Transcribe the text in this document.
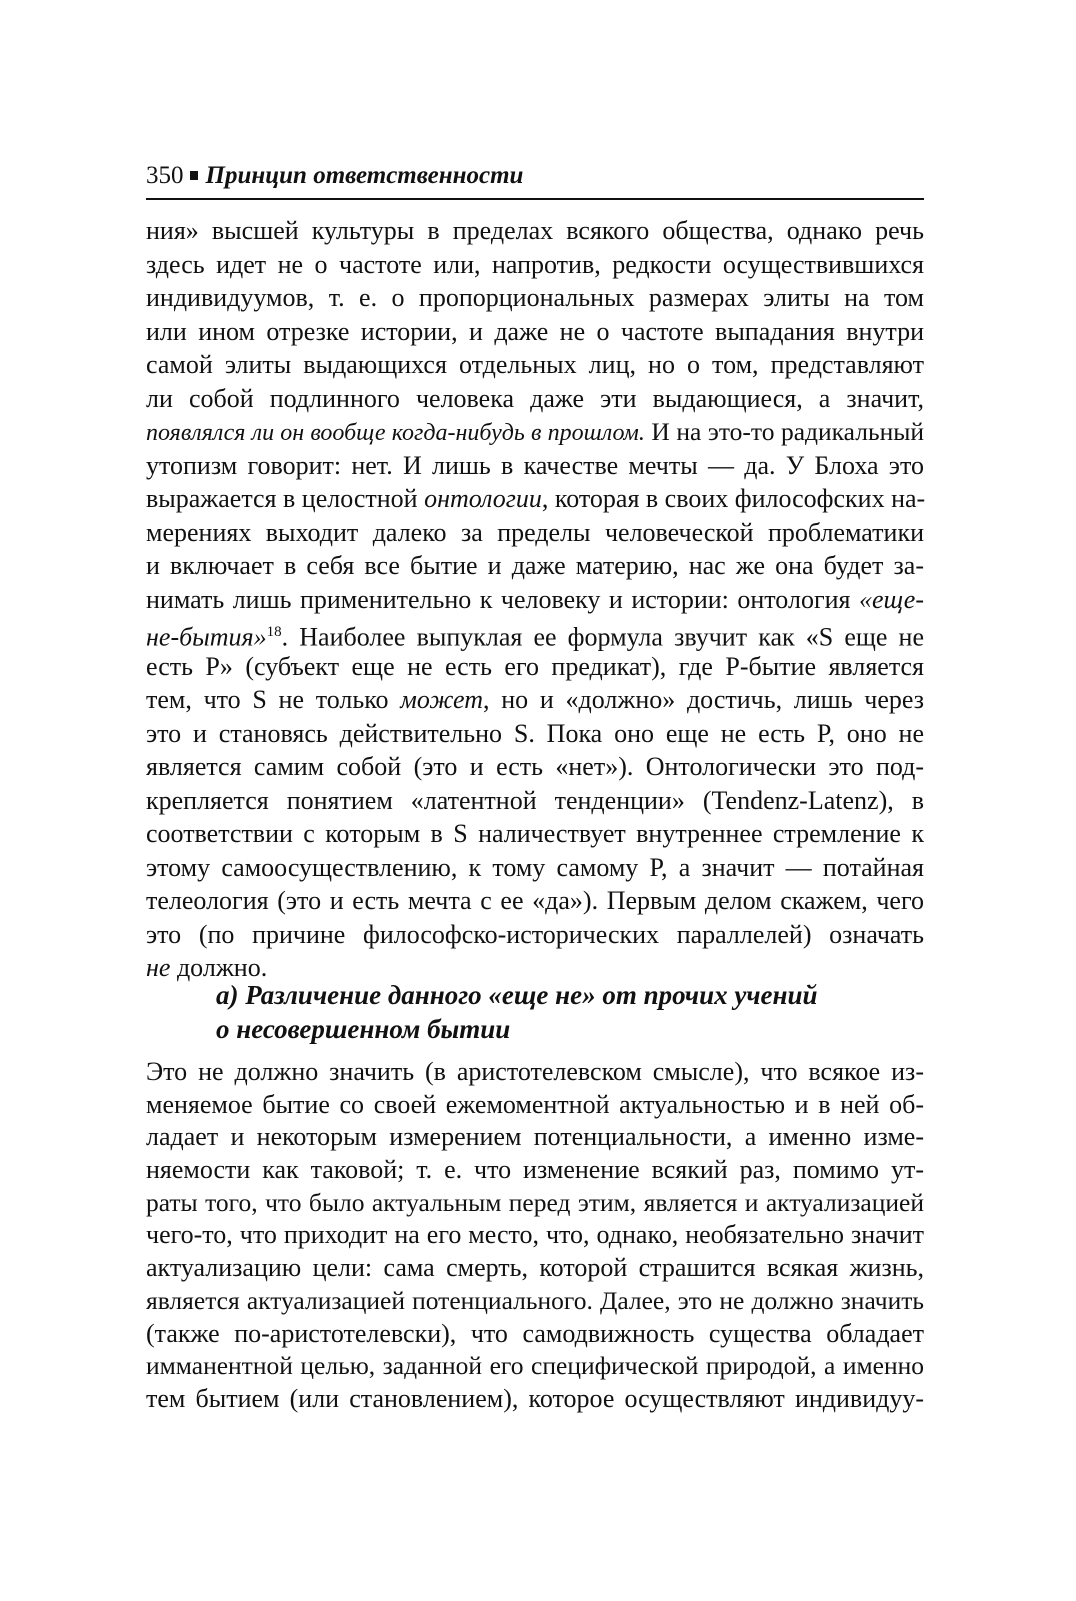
350 Принцип ответственности
ния» высшей культуры в пределах всякого общества, однако речь
здесь идет не о частоте или, напротив, редкости осуществившихся
индивидуумов, т. е. о пропорциональных размерах элиты на том
или ином отрезке истории, и даже не о частоте выпадания внутри
самой элиты выдающихся отдельных лиц, но о том, представляют
ли собой подлинного человека даже эти выдающиеся, а значит,
появлялся ли он вообще когда-нибудь в прошлом. И на это-то радикальный
утопизм говорит: нет. И лишь в качестве мечты — да. У Блоха это
выражается в целостной онтологии, которая в своих философских на-
мерениях выходит далеко за пределы человеческой проблематики
и включает в себя все бытие и даже материю, нас же она будет за-
нимать лишь применительно к человеку и истории: онтология «еще-
не-бытия»$^{18}$. Наиболее выпуклая ее формула звучит как «S еще не
есть P» (субъект еще не есть его предикат), где P-бытие является
тем, что S не только может, но и «должно» достичь, лишь через
это и становясь действительно S. Пока оно еще не есть P, оно не
является самим собой (это и есть «нет»). Онтологически это под-
крепляется понятием «латентной тенденции» (Tendenz-Latenz), в
соответствии с которым в S наличествует внутреннее стремление к
этому самоосуществлению, к тому самому P, а значит — потайная
телеология (это и есть мечта с ее «да»). Первым делом скажем, чего
это (по причине философско-исторических параллелей) означать
не должно.
а) Различение данного «еще не» от прочих учений
о несовершенном бытии
Это не должно значить (в аристотелевском смысле), что всякое из-
меняемое бытие со своей ежемоментной актуальностью и в ней об-
ладает и некоторым измерением потенциальности, а именно изме-
няемости как таковой; т. е. что изменение всякий раз, помимо ут-
раты того, что было актуальным перед этим, является и актуализацией
чего-то, что приходит на его место, что, однако, необязательно значит
актуализацию цели: сама смерть, которой страшится всякая жизнь,
является актуализацией потенциального. Далее, это не должно значить
(также по-аристотелевски), что самодвижность существа обладает
имманентной целью, заданной его специфической природой, а именно
тем бытием (или становлением), которое осуществляют индивидуу-
